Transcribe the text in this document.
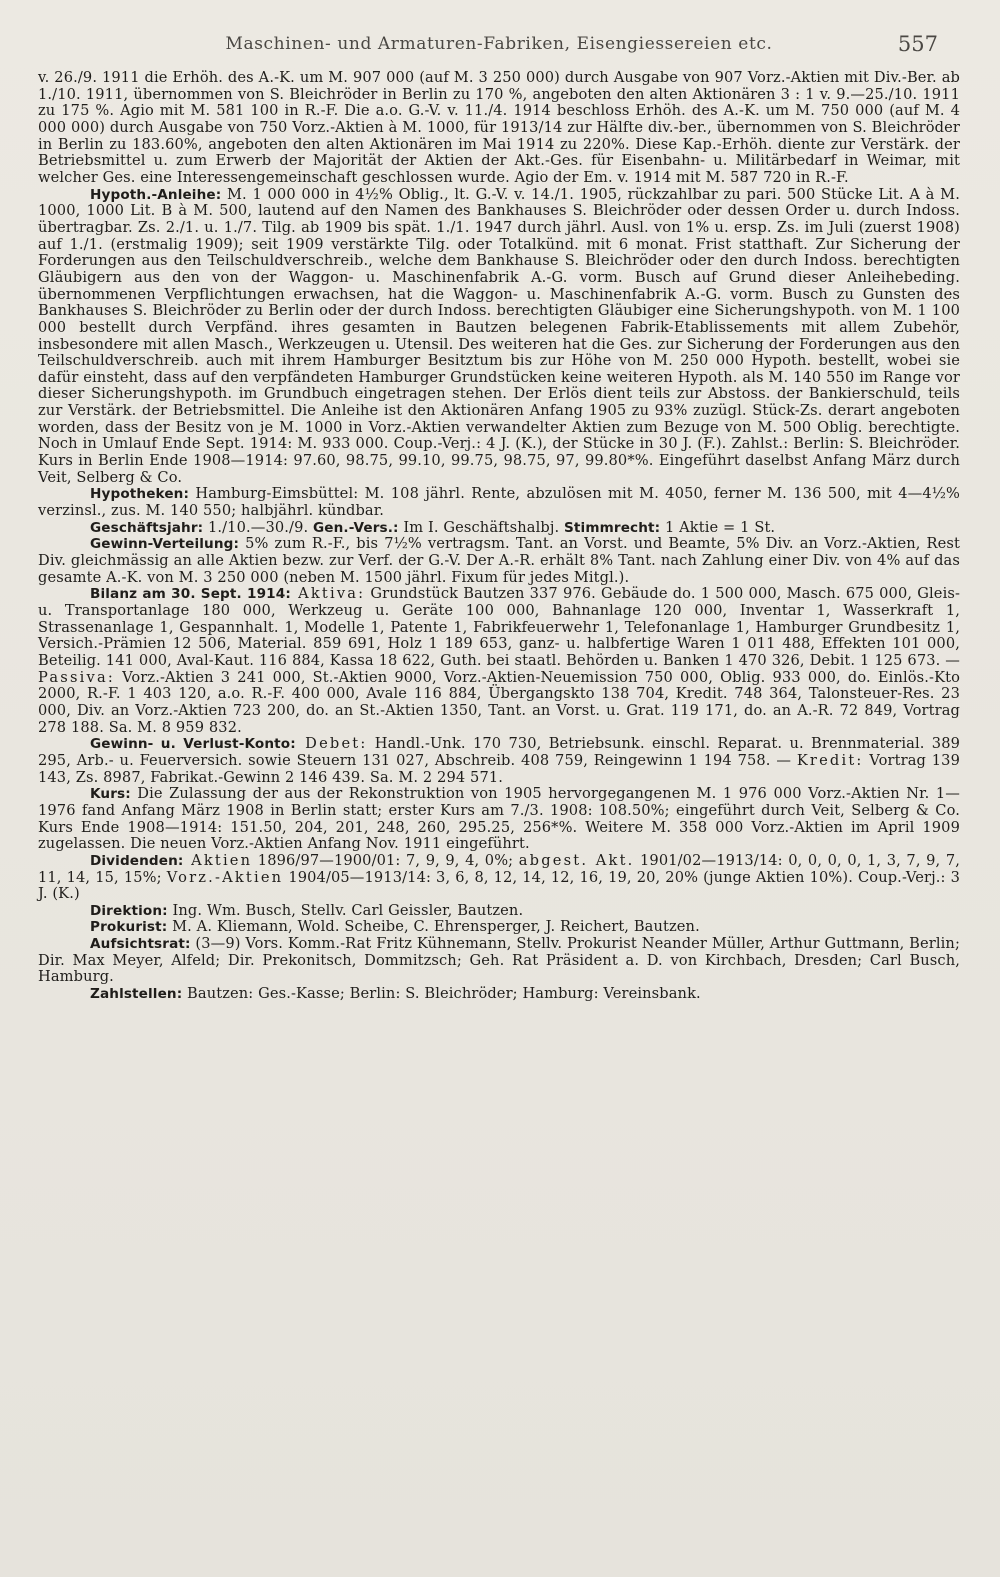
Maschinen- und Armaturen-Fabriken, Eisengiessereien etc.	557

v. 26./9. 1911 die Erhöh. des A.-K. um M. 907 000 (auf M. 3 250 000) durch Ausgabe von 907 Vorz.-Aktien mit Div.-Ber. ab 1./10. 1911, übernommen von S. Bleichröder in Berlin zu 170 %, angeboten den alten Aktionären 3 : 1 v. 9.—25./10. 1911 zu 175 %. Agio mit M. 581 100 in R.-F. Die a.o. G.-V. v. 11./4. 1914 beschloss Erhöh. des A.-K. um M. 750 000 (auf M. 4 000 000) durch Ausgabe von 750 Vorz.-Aktien à M. 1000, für 1913/14 zur Hälfte div.-ber., übernommen von S. Bleichröder in Berlin zu 183.60%, angeboten den alten Aktionären im Mai 1914 zu 220%. Diese Kap.-Erhöh. diente zur Verstärk. der Betriebsmittel u. zum Erwerb der Majorität der Aktien der Akt.-Ges. für Eisenbahn- u. Militärbedarf in Weimar, mit welcher Ges. eine Interessengemeinschaft geschlossen wurde. Agio der Em. v. 1914 mit M. 587 720 in R.-F.

Hypoth.-Anleihe: M. 1 000 000 in 4½% Oblig., lt. G.-V. v. 14./1. 1905, rückzahlbar zu pari. 500 Stücke Lit. A à M. 1000, 1000 Lit. B à M. 500, lautend auf den Namen des Bankhauses S. Bleichröder oder dessen Order u. durch Indoss. übertragbar. Zs. 2./1. u. 1./7. Tilg. ab 1909 bis spät. 1./1. 1947 durch jährl. Ausl. von 1% u. ersp. Zs. im Juli (zuerst 1908) auf 1./1. (erstmalig 1909); seit 1909 verstärkte Tilg. oder Totalkünd. mit 6 monat. Frist statthaft. Zur Sicherung der Forderungen aus den Teilschuldverschreib., welche dem Bankhause S. Bleichröder oder den durch Indoss. berechtigten Gläubigern aus den von der Waggon- u. Maschinenfabrik A.-G. vorm. Busch auf Grund dieser Anleihebeding. übernommenen Verpflichtungen erwachsen, hat die Waggon- u. Maschinenfabrik A.-G. vorm. Busch zu Gunsten des Bankhauses S. Bleichröder zu Berlin oder der durch Indoss. berechtigten Gläubiger eine Sicherungshypoth. von M. 1 100 000 bestellt durch Verpfänd. ihres gesamten in Bautzen belegenen Fabrik-Etablissements mit allem Zubehör, insbesondere mit allen Masch., Werkzeugen u. Utensil. Des weiteren hat die Ges. zur Sicherung der Forderungen aus den Teilschuldverschreib. auch mit ihrem Hamburger Besitztum bis zur Höhe von M. 250 000 Hypoth. bestellt, wobei sie dafür einsteht, dass auf den verpfändeten Hamburger Grundstücken keine weiteren Hypoth. als M. 140 550 im Range vor dieser Sicherungshypoth. im Grundbuch eingetragen stehen. Der Erlös dient teils zur Abstoss. der Bankierschuld, teils zur Verstärk. der Betriebsmittel. Die Anleihe ist den Aktionären Anfang 1905 zu 93% zuzügl. Stück-Zs. derart angeboten worden, dass der Besitz von je M. 1000 in Vorz.-Aktien verwandelter Aktien zum Bezuge von M. 500 Oblig. berechtigte. Noch in Umlauf Ende Sept. 1914: M. 933 000. Coup.-Verj.: 4 J. (K.), der Stücke in 30 J. (F.). Zahlst.: Berlin: S. Bleichröder. Kurs in Berlin Ende 1908—1914: 97.60, 98.75, 99.10, 99.75, 98.75, 97, 99.80*%. Eingeführt daselbst Anfang März durch Veit, Selberg & Co.

Hypotheken: Hamburg-Eimsbüttel: M. 108 jährl. Rente, abzulösen mit M. 4050, ferner M. 136 500, mit 4—4½% verzinsl., zus. M. 140 550; halbjährl. kündbar.

Geschäftsjahr: 1./10.—30./9. Gen.-Vers.: Im I. Geschäftshalbj. Stimmrecht: 1 Aktie = 1 St.

Gewinn-Verteilung: 5% zum R.-F., bis 7½% vertragsm. Tant. an Vorst. und Beamte, 5% Div. an Vorz.-Aktien, Rest Div. gleichmässig an alle Aktien bezw. zur Verf. der G.-V. Der A.-R. erhält 8% Tant. nach Zahlung einer Div. von 4% auf das gesamte A.-K. von M. 3 250 000 (neben M. 1500 jährl. Fixum für jedes Mitgl.).

Bilanz am 30. Sept. 1914: Aktiva: Grundstück Bautzen 337 976. Gebäude do. 1 500 000, Masch. 675 000, Gleis- u. Transportanlage 180 000, Werkzeug u. Geräte 100 000, Bahnanlage 120 000, Inventar 1, Wasserkraft 1, Strassenanlage 1, Gespannhalt. 1, Modelle 1, Patente 1, Fabrikfeuerwehr 1, Telefonanlage 1, Hamburger Grundbesitz 1, Versich.-Prämien 12 506, Material. 859 691, Holz 1 189 653, ganz- u. halbfertige Waren 1 011 488, Effekten 101 000, Beteilig. 141 000, Aval-Kaut. 116 884, Kassa 18 622, Guth. bei staatl. Behörden u. Banken 1 470 326, Debit. 1 125 673. — Passiva: Vorz.-Aktien 3 241 000, St.-Aktien 9000, Vorz.-Aktien-Neuemission 750 000, Oblig. 933 000, do. Einlös.-Kto 2000, R.-F. 1 403 120, a.o. R.-F. 400 000, Avale 116 884, Übergangskto 138 704, Kredit. 748 364, Talonsteuer-Res. 23 000, Div. an Vorz.-Aktien 723 200, do. an St.-Aktien 1350, Tant. an Vorst. u. Grat. 119 171, do. an A.-R. 72 849, Vortrag 278 188. Sa. M. 8 959 832.

Gewinn- u. Verlust-Konto: Debet: Handl.-Unk. 170 730, Betriebsunk. einschl. Reparat. u. Brennmaterial. 389 295, Arb.- u. Feuerversich. sowie Steuern 131 027, Abschreib. 408 759, Reingewinn 1 194 758. — Kredit: Vortrag 139 143, Zs. 8987, Fabrikat.-Gewinn 2 146 439. Sa. M. 2 294 571.

Kurs: Die Zulassung der aus der Rekonstruktion von 1905 hervorgegangenen M. 1 976 000 Vorz.-Aktien Nr. 1—1976 fand Anfang März 1908 in Berlin statt; erster Kurs am 7./3. 1908: 108.50%; eingeführt durch Veit, Selberg & Co. Kurs Ende 1908—1914: 151.50, 204, 201, 248, 260, 295.25, 256*%. Weitere M. 358 000 Vorz.-Aktien im April 1909 zugelassen. Die neuen Vorz.-Aktien Anfang Nov. 1911 eingeführt.

Dividenden: Aktien 1896/97—1900/01: 7, 9, 9, 4, 0%; abgest. Akt. 1901/02—1913/14: 0, 0, 0, 0, 1, 3, 7, 9, 7, 11, 14, 15, 15%; Vorz.-Aktien 1904/05—1913/14: 3, 6, 8, 12, 14, 12, 16, 19, 20, 20% (junge Aktien 10%). Coup.-Verj.: 3 J. (K.)

Direktion: Ing. Wm. Busch, Stellv. Carl Geissler, Bautzen.

Prokurist: M. A. Kliemann, Wold. Scheibe, C. Ehrensperger, J. Reichert, Bautzen.

Aufsichtsrat: (3—9) Vors. Komm.-Rat Fritz Kühnemann, Stellv. Prokurist Neander Müller, Arthur Guttmann, Berlin; Dir. Max Meyer, Alfeld; Dir. Prekonitsch, Dommitzsch; Geh. Rat Präsident a. D. von Kirchbach, Dresden; Carl Busch, Hamburg.

Zahlstellen: Bautzen: Ges.-Kasse; Berlin: S. Bleichröder; Hamburg: Vereinsbank.
